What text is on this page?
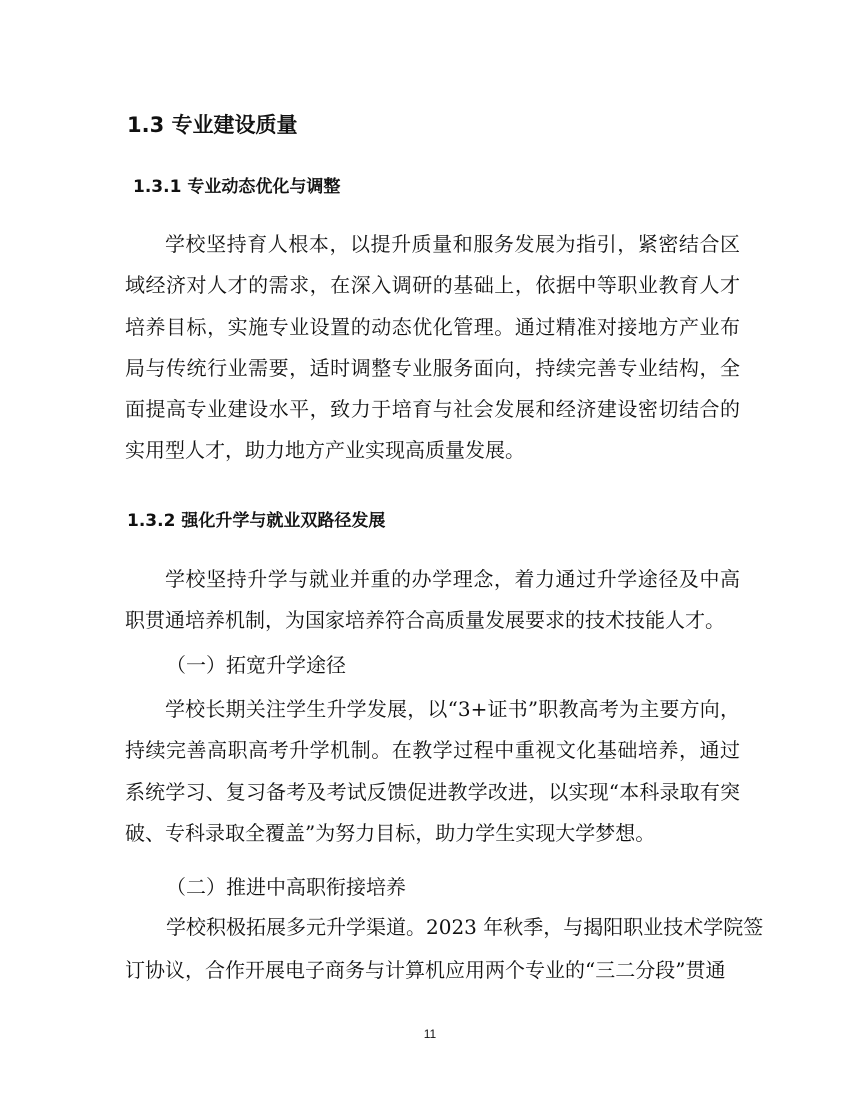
1.3 专业建设质量
1.3.1 专业动态优化与调整

学校坚持育人根本，以提升质量和服务发展为指引，紧密结合区域经济对人才的需求，在深入调研的基础上，依据中等职业教育人才培养目标，实施专业设置的动态优化管理。通过精准对接地方产业布局与传统行业需要，适时调整专业服务面向，持续完善专业结构，全面提高专业建设水平，致力于培育与社会发展和经济建设密切结合的实用型人才，助力地方产业实现高质量发展。

1.3.2 强化升学与就业双路径发展

学校坚持升学与就业并重的办学理念，着力通过升学途径及中高职贯通培养机制，为国家培养符合高质量发展要求的技术技能人才。

（一）拓宽升学途径

学校长期关注学生升学发展，以“3+证书”职教高考为主要方向，持续完善高职高考升学机制。在教学过程中重视文化基础培养，通过系统学习、复习备考及考试反馈促进教学改进，以实现“本科录取有突破、专科录取全覆盖”为努力目标，助力学生实现大学梦想。

（二）推进中高职衔接培养

学校积极拓展多元升学渠道。2023 年秋季，与揭阳职业技术学院签

订协议，合作开展电子商务与计算机应用两个专业的“三二分段”贯通

11
